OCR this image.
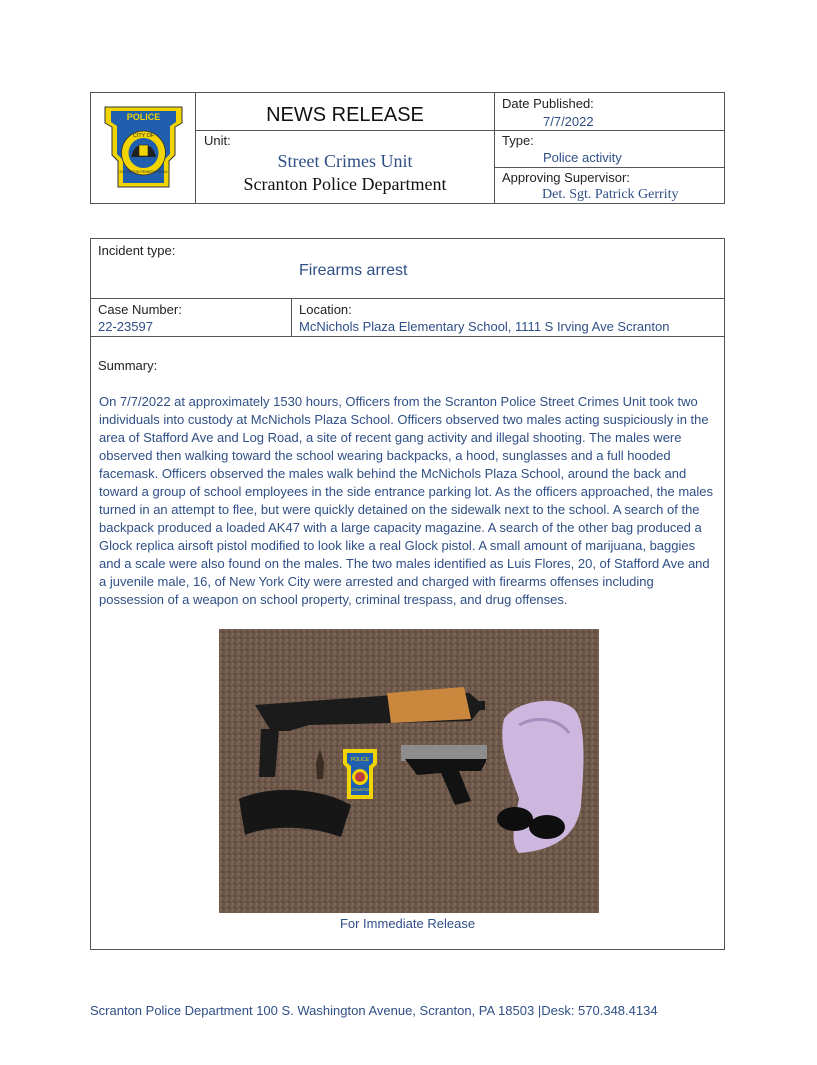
POLICE
CITY OF
SCRANTON PENNSYLVANIA
NEWS RELEASE
Unit:
Street Crimes Unit
Scranton Police Department
Date Published:
7/7/2022
Type:
Police activity
Approving Supervisor:
Det. Sgt. Patrick Gerrity
Incident type:
Firearms arrest
Case Number:
22-23597
Location:
McNichols Plaza Elementary School, 1111 S Irving Ave Scranton
Summary:
On 7/7/2022 at approximately 1530 hours, Officers from the Scranton Police Street Crimes Unit took two individuals into custody at McNichols Plaza School. Officers observed two males acting suspiciously in the area of Stafford Ave and Log Road, a site of recent gang activity and illegal shooting. The males were observed then walking toward the school wearing backpacks, a hood, sunglasses and a full hooded facemask. Officers observed the males walk behind the McNichols Plaza School, around the back and toward a group of school employees in the side entrance parking lot. As the officers approached, the males turned in an attempt to flee, but were quickly detained on the sidewalk next to the school. A search of the backpack produced a loaded AK47 with a large capacity magazine. A search of the other bag produced a Glock replica airsoft pistol modified to look like a real Glock pistol. A small amount of marijuana, baggies and a scale were also found on the males. The two males identified as Luis Flores, 20, of Stafford Ave and a juvenile male, 16, of New York City were arrested and charged with firearms offenses including possession of a weapon on school property, criminal trespass, and drug offenses.
POLICE
SCRANTON
For Immediate Release
Scranton Police Department 100 S. Washington Avenue, Scranton, PA 18503 |Desk: 570.348.4134
